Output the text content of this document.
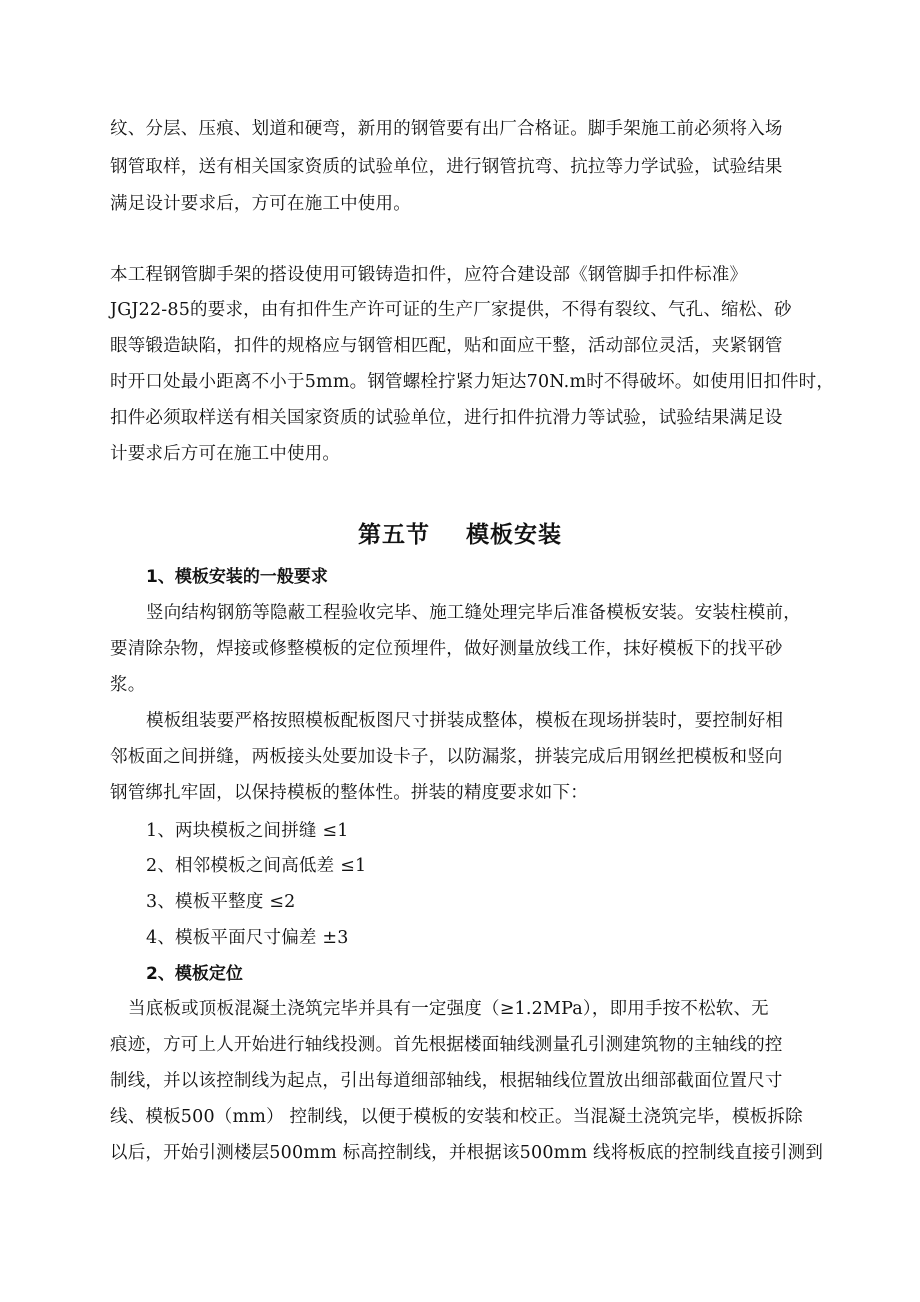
纹、分层、压痕、划道和硬弯，新用的钢管要有出厂合格证。脚手架施工前必须将入场
钢管取样，送有相关国家资质的试验单位，进行钢管抗弯、抗拉等力学试验，试验结果
满足设计要求后，方可在施工中使用。
本工程钢管脚手架的搭设使用可锻铸造扣件，应符合建设部《钢管脚手扣件标准》
JGJ22-85的要求，由有扣件生产许可证的生产厂家提供，不得有裂纹、气孔、缩松、砂
眼等锻造缺陷，扣件的规格应与钢管相匹配，贴和面应干整，活动部位灵活，夹紧钢管
时开口处最小距离不小于5mm。钢管螺栓拧紧力矩达70N.m时不得破坏。如使用旧扣件时，
扣件必须取样送有相关国家资质的试验单位，进行扣件抗滑力等试验，试验结果满足设
计要求后方可在施工中使用。
第五节    模板安装
1、模板安装的一般要求
竖向结构钢筋等隐蔽工程验收完毕、施工缝处理完毕后准备模板安装。安装柱模前，
要清除杂物，焊接或修整模板的定位预埋件，做好测量放线工作，抹好模板下的找平砂
浆。
模板组装要严格按照模板配板图尺寸拼装成整体，模板在现场拼装时，要控制好相
邻板面之间拼缝，两板接头处要加设卡子，以防漏浆，拼装完成后用钢丝把模板和竖向
钢管绑扎牢固，以保持模板的整体性。拼装的精度要求如下：
1、两块模板之间拼缝 ≤1
2、相邻模板之间高低差 ≤1
3、模板平整度 ≤2
4、模板平面尺寸偏差 ±3
2、模板定位
当底板或顶板混凝土浇筑完毕并具有一定强度（≥1.2MPa），即用手按不松软、无
痕迹，方可上人开始进行轴线投测。首先根据楼面轴线测量孔引测建筑物的主轴线的控
制线，并以该控制线为起点，引出每道细部轴线，根据轴线位置放出细部截面位置尺寸
线、模板500（mm） 控制线，以便于模板的安装和校正。当混凝土浇筑完毕，模板拆除
以后，开始引测楼层500mm 标高控制线，并根据该500mm 线将板底的控制线直接引测到
